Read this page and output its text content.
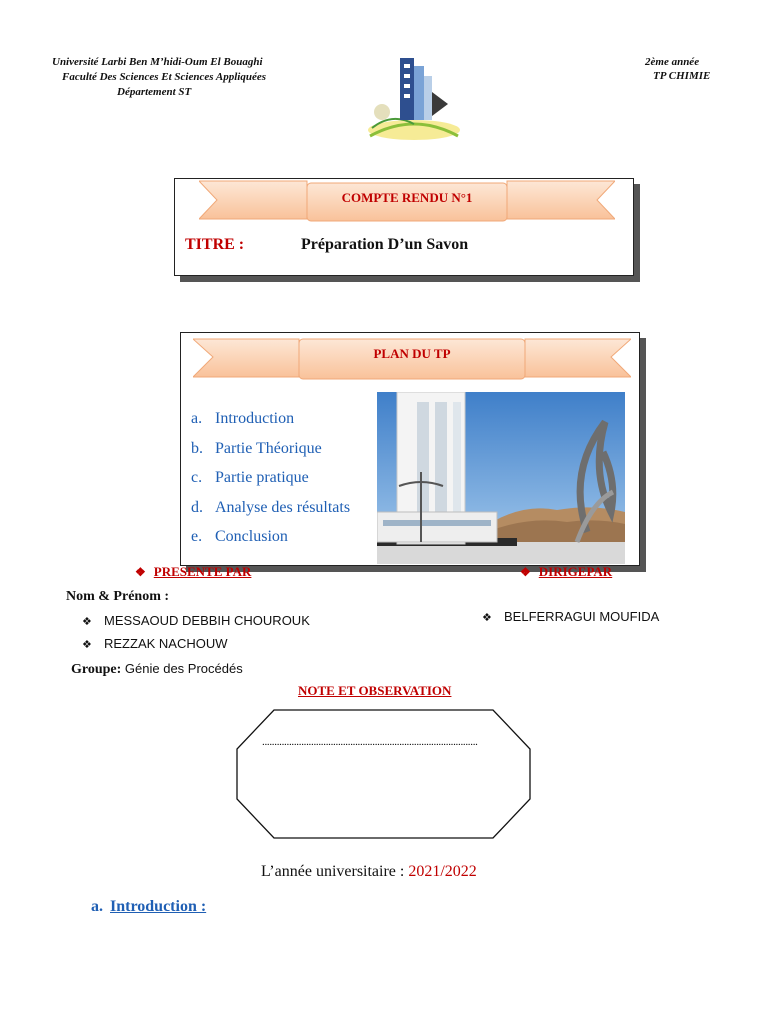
Université Larbi Ben M’hidi-Oum El Bouaghi
Faculté Des Sciences Et Sciences Appliquées
Département ST
2ème année
TP CHIMIE
COMPTE RENDU N°1
TITRE :	Préparation D’un Savon
PLAN DU TP
a. Introduction
b. Partie Théorique
c. Partie pratique
d. Analyse des résultats
e. Conclusion
❖ PRESENTE PAR	❖ DIRIGEPAR
Nom & Prénom :
❖ MESSAOUD DEBBIH CHOUROUK
❖ REZZAK NACHOUW
❖ BELFERRAGUI MOUFIDA
Groupe: Génie des Procédés
NOTE ET OBSERVATION
........................................................................................
L’année universitaire : 2021/2022
a. Introduction :
